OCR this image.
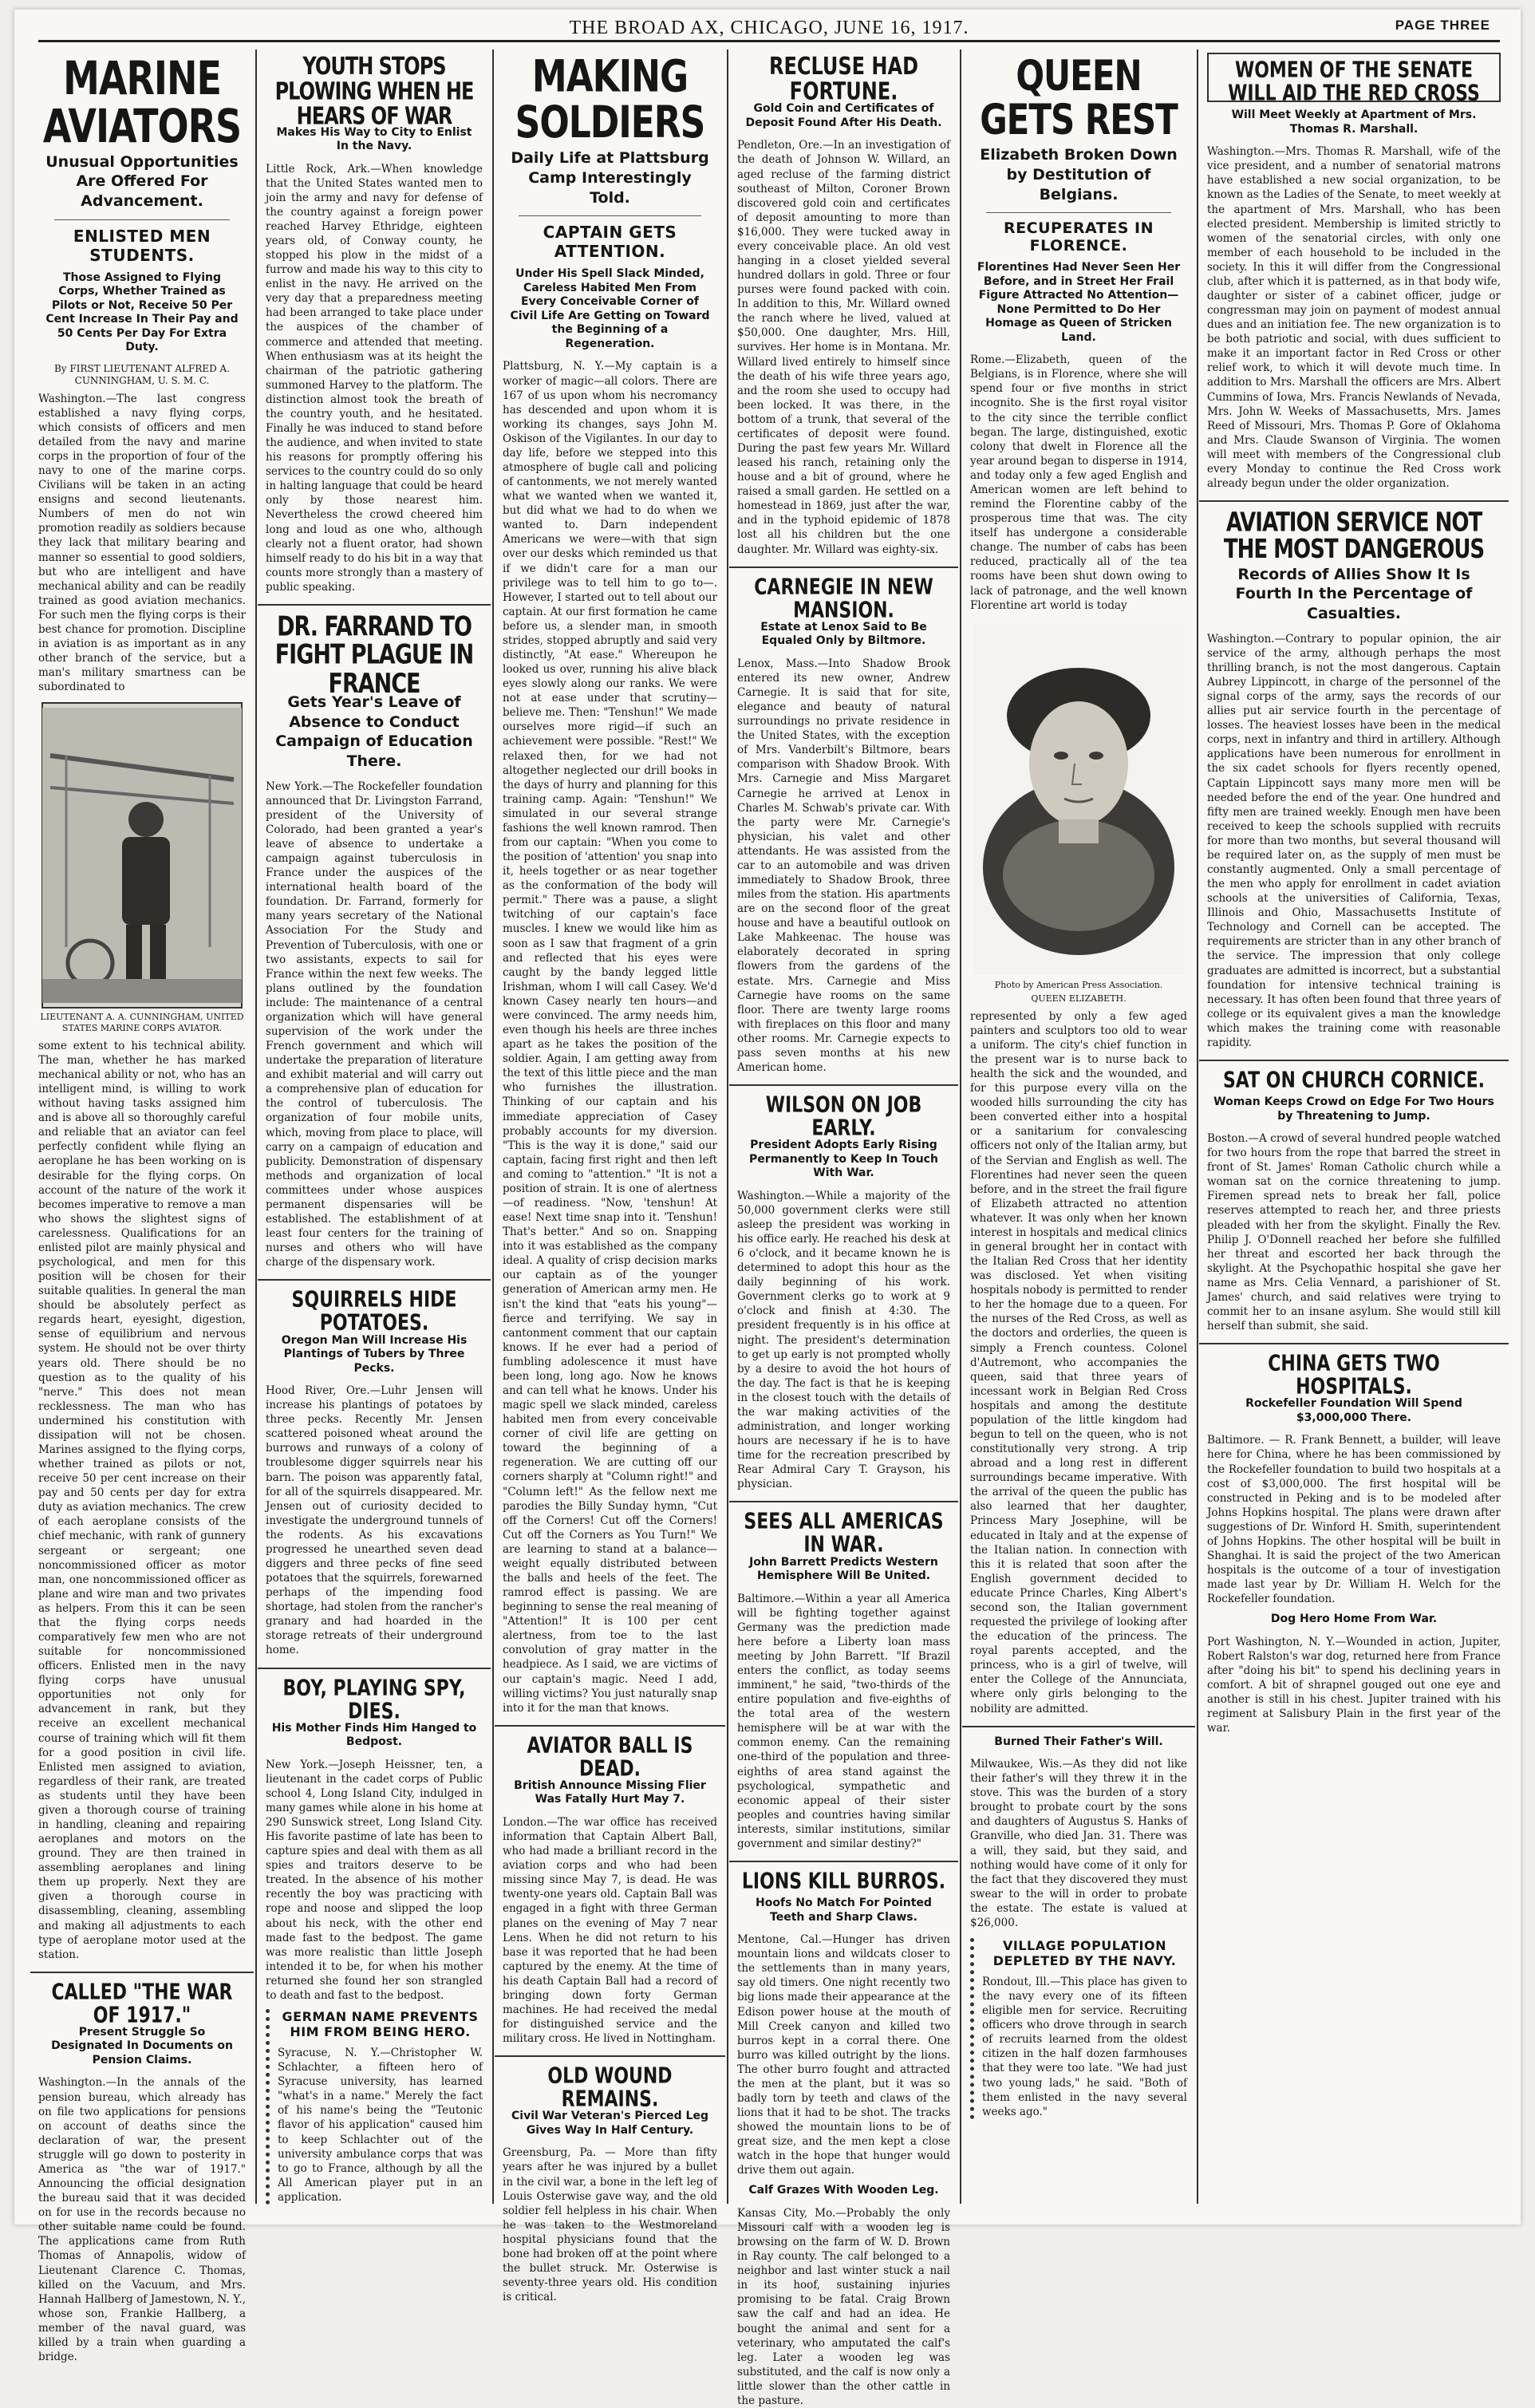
THE BROAD AX, CHICAGO, JUNE 16, 1917.	PAGE THREE
MARINE AVIATORS
Unusual Opportunities Are Offered For Advancement.
ENLISTED MEN STUDENTS.
Those Assigned to Flying Corps, Whether Trained as Pilots or Not, Receive 50 Per Cent Increase In Their Pay and 50 Cents Per Day For Extra Duty.
By FIRST LIEUTENANT ALFRED A. CUNNINGHAM, U. S. M. C.
Washington.—The last congress established a navy flying corps, which consists of officers and men detailed from the navy and marine corps in the proportion of four of the navy to one of the marine corps. Civilians will be taken in an acting ensigns and second lieutenants. Numbers of men do not win promotion readily as soldiers because they lack that military bearing and manner so essential to good soldiers, but who are intelligent and have mechanical ability and can be readily trained as good aviation mechanics. For such men the flying corps is their best chance for promotion. Discipline in aviation is as important as in any other branch of the service, but a man's military smartness can be subordinated to
LIEUTENANT A. A. CUNNINGHAM, UNITED STATES MARINE CORPS AVIATOR.
some extent to his technical ability. The man, whether he has marked mechanical ability or not, who has an intelligent mind, is willing to work without having tasks assigned him and is above all so thoroughly careful and reliable that an aviator can feel perfectly confident while flying an aeroplane he has been working on is desirable for the flying corps. On account of the nature of the work it becomes imperative to remove a man who shows the slightest signs of carelessness. Qualifications for an enlisted pilot are mainly physical and psychological, and men for this position will be chosen for their suitable qualities. In general the man should be absolutely perfect as regards heart, eyesight, digestion, sense of equilibrium and nervous system. He should not be over thirty years old. There should be no question as to the quality of his "nerve." This does not mean recklessness. The man who has undermined his constitution with dissipation will not be chosen. Marines assigned to the flying corps, whether trained as pilots or not, receive 50 per cent increase on their pay and 50 cents per day for extra duty as aviation mechanics. The crew of each aeroplane consists of the chief mechanic, with rank of gunnery sergeant or sergeant; one noncommissioned officer as motor man, one noncommissioned officer as plane and wire man and two privates as helpers. From this it can be seen that the flying corps needs comparatively few men who are not suitable for noncommissioned officers. Enlisted men in the navy flying corps have unusual opportunities not only for advancement in rank, but they receive an excellent mechanical course of training which will fit them for a good position in civil life. Enlisted men assigned to aviation, regardless of their rank, are treated as students until they have been given a thorough course of training in handling, cleaning and repairing aeroplanes and motors on the ground. They are then trained in assembling aeroplanes and lining them up properly. Next they are given a thorough course in disassembling, cleaning, assembling and making all adjustments to each type of aeroplane motor used at the station.
CALLED "THE WAR OF 1917."
Present Struggle So Designated In Documents on Pension Claims.
Washington.—In the annals of the pension bureau, which already has on file two applications for pensions on account of deaths since the declaration of war, the present struggle will go down to posterity in America as "the war of 1917." Announcing the official designation the bureau said that it was decided on for use in the records because no other suitable name could be found. The applications came from Ruth Thomas of Annapolis, widow of Lieutenant Clarence C. Thomas, killed on the Vacuum, and Mrs. Hannah Hallberg of Jamestown, N. Y., whose son, Frankie Hallberg, a member of the naval guard, was killed by a train when guarding a bridge.
YOUTH STOPS PLOWING WHEN HE HEARS OF WAR
Makes His Way to City to Enlist In the Navy.
Little Rock, Ark.—When knowledge that the United States wanted men to join the army and navy for defense of the country against a foreign power reached Harvey Ethridge, eighteen years old, of Conway county, he stopped his plow in the midst of a furrow and made his way to this city to enlist in the navy. He arrived on the very day that a preparedness meeting had been arranged to take place under the auspices of the chamber of commerce and attended that meeting. When enthusiasm was at its height the chairman of the patriotic gathering summoned Harvey to the platform. The distinction almost took the breath of the country youth, and he hesitated. Finally he was induced to stand before the audience, and when invited to state his reasons for promptly offering his services to the country could do so only in halting language that could be heard only by those nearest him. Nevertheless the crowd cheered him long and loud as one who, although clearly not a fluent orator, had shown himself ready to do his bit in a way that counts more strongly than a mastery of public speaking.
DR. FARRAND TO FIGHT PLAGUE IN FRANCE
Gets Year's Leave of Absence to Conduct Campaign of Education There.
New York.—The Rockefeller foundation announced that Dr. Livingston Farrand, president of the University of Colorado, had been granted a year's leave of absence to undertake a campaign against tuberculosis in France under the auspices of the international health board of the foundation. Dr. Farrand, formerly for many years secretary of the National Association For the Study and Prevention of Tuberculosis, with one or two assistants, expects to sail for France within the next few weeks. The plans outlined by the foundation include: The maintenance of a central organization which will have general supervision of the work under the French government and which will undertake the preparation of literature and exhibit material and will carry out a comprehensive plan of education for the control of tuberculosis. The organization of four mobile units, which, moving from place to place, will carry on a campaign of education and publicity. Demonstration of dispensary methods and organization of local committees under whose auspices permanent dispensaries will be established. The establishment of at least four centers for the training of nurses and others who will have charge of the dispensary work.
SQUIRRELS HIDE POTATOES.
Oregon Man Will Increase His Plantings of Tubers by Three Pecks.
Hood River, Ore.—Luhr Jensen will increase his plantings of potatoes by three pecks. Recently Mr. Jensen scattered poisoned wheat around the burrows and runways of a colony of troublesome digger squirrels near his barn. The poison was apparently fatal, for all of the squirrels disappeared. Mr. Jensen out of curiosity decided to investigate the underground tunnels of the rodents. As his excavations progressed he unearthed seven dead diggers and three pecks of fine seed potatoes that the squirrels, forewarned perhaps of the impending food shortage, had stolen from the rancher's granary and had hoarded in the storage retreats of their underground home.
BOY, PLAYING SPY, DIES.
His Mother Finds Him Hanged to Bedpost.
New York.—Joseph Heissner, ten, a lieutenant in the cadet corps of Public school 4, Long Island City, indulged in many games while alone in his home at 290 Sunswick street, Long Island City. His favorite pastime of late has been to capture spies and deal with them as all spies and traitors deserve to be treated. In the absence of his mother recently the boy was practicing with rope and noose and slipped the loop about his neck, with the other end made fast to the bedpost. The game was more realistic than little Joseph intended it to be, for when his mother returned she found her son strangled to death and fast to the bedpost.
GERMAN NAME PREVENTS HIM FROM BEING HERO.
Syracuse, N. Y.—Christopher W. Schlachter, a fifteen hero of Syracuse university, has learned "what's in a name." Merely the fact of his name's being the "Teutonic flavor of his application" caused him to keep Schlachter out of the university ambulance corps that was to go to France, although by all the All American player put in an application.
MAKING SOLDIERS
Daily Life at Plattsburg Camp Interestingly Told.
CAPTAIN GETS ATTENTION.
Under His Spell Slack Minded, Careless Habited Men From Every Conceivable Corner of Civil Life Are Getting on Toward the Beginning of a Regeneration.
Plattsburg, N. Y.—My captain is a worker of magic—all colors. There are 167 of us upon whom his necromancy has descended and upon whom it is working its changes, says John M. Oskison of the Vigilantes. In our day to day life, before we stepped into this atmosphere of bugle call and policing of cantonments, we not merely wanted what we wanted when we wanted it, but did what we had to do when we wanted to. Darn independent Americans we were—with that sign over our desks which reminded us that if we didn't care for a man our privilege was to tell him to go to—. However, I started out to tell about our captain. At our first formation he came before us, a slender man, in smooth strides, stopped abruptly and said very distinctly, "At ease." Whereupon he looked us over, running his alive black eyes slowly along our ranks. We were not at ease under that scrutiny—believe me. Then: "Tenshun!" We made ourselves more rigid—if such an achievement were possible. "Rest!" We relaxed then, for we had not altogether neglected our drill books in the days of hurry and planning for this training camp. Again: "Tenshun!" We simulated in our several strange fashions the well known ramrod. Then from our captain: "When you come to the position of 'attention' you snap into it, heels together or as near together as the conformation of the body will permit." There was a pause, a slight twitching of our captain's face muscles. I knew we would like him as soon as I saw that fragment of a grin and reflected that his eyes were caught by the bandy legged little Irishman, whom I will call Casey. We'd known Casey nearly ten hours—and were convinced. The army needs him, even though his heels are three inches apart as he takes the position of the soldier. Again, I am getting away from the text of this little piece and the man who furnishes the illustration. Thinking of our captain and his immediate appreciation of Casey probably accounts for my diversion. "This is the way it is done," said our captain, facing first right and then left and coming to "attention." "It is not a position of strain. It is one of alertness—of readiness. "Now, 'tenshun! At ease! Next time snap into it. 'Tenshun! That's better." And so on. Snapping into it was established as the company ideal. A quality of crisp decision marks our captain as of the younger generation of American army men. He isn't the kind that "eats his young"—fierce and terrifying. We say in cantonment comment that our captain knows. If he ever had a period of fumbling adolescence it must have been long, long ago. Now he knows and can tell what he knows. Under his magic spell we slack minded, careless habited men from every conceivable corner of civil life are getting on toward the beginning of a regeneration. We are cutting off our corners sharply at "Column right!" and "Column left!" As the fellow next me parodies the Billy Sunday hymn, "Cut off the Corners! Cut off the Corners! Cut off the Corners as You Turn!" We are learning to stand at a balance—weight equally distributed between the balls and heels of the feet. The ramrod effect is passing. We are beginning to sense the real meaning of "Attention!" It is 100 per cent alertness, from toe to the last convolution of gray matter in the headpiece. As I said, we are victims of our captain's magic. Need I add, willing victims? You just naturally snap into it for the man that knows.
AVIATOR BALL IS DEAD.
British Announce Missing Flier Was Fatally Hurt May 7.
London.—The war office has received information that Captain Albert Ball, who had made a brilliant record in the aviation corps and who had been missing since May 7, is dead. He was twenty-one years old. Captain Ball was engaged in a fight with three German planes on the evening of May 7 near Lens. When he did not return to his base it was reported that he had been captured by the enemy. At the time of his death Captain Ball had a record of bringing down forty German machines. He had received the medal for distinguished service and the military cross. He lived in Nottingham.
OLD WOUND REMAINS.
Civil War Veteran's Pierced Leg Gives Way In Half Century.
Greensburg, Pa. — More than fifty years after he was injured by a bullet in the civil war, a bone in the left leg of Louis Osterwise gave way, and the old soldier fell helpless in his chair. When he was taken to the Westmoreland hospital physicians found that the bone had broken off at the point where the bullet struck. Mr. Osterwise is seventy-three years old. His condition is critical.
RECLUSE HAD FORTUNE.
Gold Coin and Certificates of Deposit Found After His Death.
Pendleton, Ore.—In an investigation of the death of Johnson W. Willard, an aged recluse of the farming district southeast of Milton, Coroner Brown discovered gold coin and certificates of deposit amounting to more than $16,000. They were tucked away in every conceivable place. An old vest hanging in a closet yielded several hundred dollars in gold. Three or four purses were found packed with coin. In addition to this, Mr. Willard owned the ranch where he lived, valued at $50,000. One daughter, Mrs. Hill, survives. Her home is in Montana. Mr. Willard lived entirely to himself since the death of his wife three years ago, and the room she used to occupy had been locked. It was there, in the bottom of a trunk, that several of the certificates of deposit were found. During the past few years Mr. Willard leased his ranch, retaining only the house and a bit of ground, where he raised a small garden. He settled on a homestead in 1869, just after the war, and in the typhoid epidemic of 1878 lost all his children but the one daughter. Mr. Willard was eighty-six.
CARNEGIE IN NEW MANSION.
Estate at Lenox Said to Be Equaled Only by Biltmore.
Lenox, Mass.—Into Shadow Brook entered its new owner, Andrew Carnegie. It is said that for site, elegance and beauty of natural surroundings no private residence in the United States, with the exception of Mrs. Vanderbilt's Biltmore, bears comparison with Shadow Brook. With Mrs. Carnegie and Miss Margaret Carnegie he arrived at Lenox in Charles M. Schwab's private car. With the party were Mr. Carnegie's physician, his valet and other attendants. He was assisted from the car to an automobile and was driven immediately to Shadow Brook, three miles from the station. His apartments are on the second floor of the great house and have a beautiful outlook on Lake Mahkeenac. The house was elaborately decorated in spring flowers from the gardens of the estate. Mrs. Carnegie and Miss Carnegie have rooms on the same floor. There are twenty large rooms with fireplaces on this floor and many other rooms. Mr. Carnegie expects to pass seven months at his new American home.
WILSON ON JOB EARLY.
President Adopts Early Rising Permanently to Keep In Touch With War.
Washington.—While a majority of the 50,000 government clerks were still asleep the president was working in his office early. He reached his desk at 6 o'clock, and it became known he is determined to adopt this hour as the daily beginning of his work. Government clerks go to work at 9 o'clock and finish at 4:30. The president frequently is in his office at night. The president's determination to get up early is not prompted wholly by a desire to avoid the hot hours of the day. The fact is that he is keeping in the closest touch with the details of the war making activities of the administration, and longer working hours are necessary if he is to have time for the recreation prescribed by Rear Admiral Cary T. Grayson, his physician.
SEES ALL AMERICAS IN WAR.
John Barrett Predicts Western Hemisphere Will Be United.
Baltimore.—Within a year all America will be fighting together against Germany was the prediction made here before a Liberty loan mass meeting by John Barrett. "If Brazil enters the conflict, as today seems imminent," he said, "two-thirds of the entire population and five-eighths of the total area of the western hemisphere will be at war with the common enemy. Can the remaining one-third of the population and three-eighths of area stand against the psychological, sympathetic and economic appeal of their sister peoples and countries having similar interests, similar institutions, similar government and similar destiny?"
LIONS KILL BURROS.
Hoofs No Match For Pointed Teeth and Sharp Claws.
Mentone, Cal.—Hunger has driven mountain lions and wildcats closer to the settlements than in many years, say old timers. One night recently two big lions made their appearance at the Edison power house at the mouth of Mill Creek canyon and killed two burros kept in a corral there. One burro was killed outright by the lions. The other burro fought and attracted the men at the plant, but it was so badly torn by teeth and claws of the lions that it had to be shot. The tracks showed the mountain lions to be of great size, and the men kept a close watch in the hope that hunger would drive them out again.
Calf Grazes With Wooden Leg.
Kansas City, Mo.—Probably the only Missouri calf with a wooden leg is browsing on the farm of W. D. Brown in Ray county. The calf belonged to a neighbor and last winter stuck a nail in its hoof, sustaining injuries promising to be fatal. Craig Brown saw the calf and had an idea. He bought the animal and sent for a veterinary, who amputated the calf's leg. Later a wooden leg was substituted, and the calf is now only a little slower than the other cattle in the pasture.
QUEEN GETS REST
Elizabeth Broken Down by Destitution of Belgians.
RECUPERATES IN FLORENCE.
Florentines Had Never Seen Her Before, and in Street Her Frail Figure Attracted No Attention—None Permitted to Do Her Homage as Queen of Stricken Land.
Rome.—Elizabeth, queen of the Belgians, is in Florence, where she will spend four or five months in strict incognito. She is the first royal visitor to the city since the terrible conflict began. The large, distinguished, exotic colony that dwelt in Florence all the year around began to disperse in 1914, and today only a few aged English and American women are left behind to remind the Florentine cabby of the prosperous time that was. The city itself has undergone a considerable change. The number of cabs has been reduced, practically all of the tea rooms have been shut down owing to lack of patronage, and the well known Florentine art world is today
Photo by American Press Association.
QUEEN ELIZABETH.
represented by only a few aged painters and sculptors too old to wear a uniform. The city's chief function in the present war is to nurse back to health the sick and the wounded, and for this purpose every villa on the wooded hills surrounding the city has been converted either into a hospital or a sanitarium for convalescing officers not only of the Italian army, but of the Servian and English as well. The Florentines had never seen the queen before, and in the street the frail figure of Elizabeth attracted no attention whatever. It was only when her known interest in hospitals and medical clinics in general brought her in contact with the Italian Red Cross that her identity was disclosed. Yet when visiting hospitals nobody is permitted to render to her the homage due to a queen. For the nurses of the Red Cross, as well as the doctors and orderlies, the queen is simply a French countess. Colonel d'Autremont, who accompanies the queen, said that three years of incessant work in Belgian Red Cross hospitals and among the destitute population of the little kingdom had begun to tell on the queen, who is not constitutionally very strong. A trip abroad and a long rest in different surroundings became imperative. With the arrival of the queen the public has also learned that her daughter, Princess Mary Josephine, will be educated in Italy and at the expense of the Italian nation. In connection with this it is related that soon after the English government decided to educate Prince Charles, King Albert's second son, the Italian government requested the privilege of looking after the education of the princess. The royal parents accepted, and the princess, who is a girl of twelve, will enter the College of the Annunciata, where only girls belonging to the nobility are admitted.
Burned Their Father's Will.
Milwaukee, Wis.—As they did not like their father's will they threw it in the stove. This was the burden of a story brought to probate court by the sons and daughters of Augustus S. Hanks of Granville, who died Jan. 31. There was a will, they said, but they said, and nothing would have come of it only for the fact that they discovered they must swear to the will in order to probate the estate. The estate is valued at $26,000.
VILLAGE POPULATION DEPLETED BY THE NAVY.
Rondout, Ill.—This place has given to the navy every one of its fifteen eligible men for service. Recruiting officers who drove through in search of recruits learned from the oldest citizen in the half dozen farmhouses that they were too late. "We had just two young lads," he said. "Both of them enlisted in the navy several weeks ago."
WOMEN OF THE SENATE WILL AID THE RED CROSS
Will Meet Weekly at Apartment of Mrs. Thomas R. Marshall.
Washington.—Mrs. Thomas R. Marshall, wife of the vice president, and a number of senatorial matrons have established a new social organization, to be known as the Ladies of the Senate, to meet weekly at the apartment of Mrs. Marshall, who has been elected president. Membership is limited strictly to women of the senatorial circles, with only one member of each household to be included in the society. In this it will differ from the Congressional club, after which it is patterned, as in that body wife, daughter or sister of a cabinet officer, judge or congressman may join on payment of modest annual dues and an initiation fee. The new organization is to be both patriotic and social, with dues sufficient to make it an important factor in Red Cross or other relief work, to which it will devote much time. In addition to Mrs. Marshall the officers are Mrs. Albert Cummins of Iowa, Mrs. Francis Newlands of Nevada, Mrs. John W. Weeks of Massachusetts, Mrs. James Reed of Missouri, Mrs. Thomas P. Gore of Oklahoma and Mrs. Claude Swanson of Virginia. The women will meet with members of the Congressional club every Monday to continue the Red Cross work already begun under the older organization.
AVIATION SERVICE NOT THE MOST DANGEROUS
Records of Allies Show It Is Fourth In the Percentage of Casualties.
Washington.—Contrary to popular opinion, the air service of the army, although perhaps the most thrilling branch, is not the most dangerous. Captain Aubrey Lippincott, in charge of the personnel of the signal corps of the army, says the records of our allies put air service fourth in the percentage of losses. The heaviest losses have been in the medical corps, next in infantry and third in artillery. Although applications have been numerous for enrollment in the six cadet schools for flyers recently opened, Captain Lippincott says many more men will be needed before the end of the year. One hundred and fifty men are trained weekly. Enough men have been received to keep the schools supplied with recruits for more than two months, but several thousand will be required later on, as the supply of men must be constantly augmented. Only a small percentage of the men who apply for enrollment in cadet aviation schools at the universities of California, Texas, Illinois and Ohio, Massachusetts Institute of Technology and Cornell can be accepted. The requirements are stricter than in any other branch of the service. The impression that only college graduates are admitted is incorrect, but a substantial foundation for intensive technical training is necessary. It has often been found that three years of college or its equivalent gives a man the knowledge which makes the training come with reasonable rapidity.
SAT ON CHURCH CORNICE.
Woman Keeps Crowd on Edge For Two Hours by Threatening to Jump.
Boston.—A crowd of several hundred people watched for two hours from the rope that barred the street in front of St. James' Roman Catholic church while a woman sat on the cornice threatening to jump. Firemen spread nets to break her fall, police reserves attempted to reach her, and three priests pleaded with her from the skylight. Finally the Rev. Philip J. O'Donnell reached her before she fulfilled her threat and escorted her back through the skylight. At the Psychopathic hospital she gave her name as Mrs. Celia Vennard, a parishioner of St. James' church, and said relatives were trying to commit her to an insane asylum. She would still kill herself than submit, she said.
CHINA GETS TWO HOSPITALS.
Rockefeller Foundation Will Spend $3,000,000 There.
Baltimore. — R. Frank Bennett, a builder, will leave here for China, where he has been commissioned by the Rockefeller foundation to build two hospitals at a cost of $3,000,000. The first hospital will be constructed in Peking and is to be modeled after Johns Hopkins hospital. The plans were drawn after suggestions of Dr. Winford H. Smith, superintendent of Johns Hopkins. The other hospital will be built in Shanghai. It is said the project of the two American hospitals is the outcome of a tour of investigation made last year by Dr. William H. Welch for the Rockefeller foundation.
Dog Hero Home From War.
Port Washington, N. Y.—Wounded in action, Jupiter, Robert Ralston's war dog, returned here from France after "doing his bit" to spend his declining years in comfort. A bit of shrapnel gouged out one eye and another is still in his chest. Jupiter trained with his regiment at Salisbury Plain in the first year of the war.
